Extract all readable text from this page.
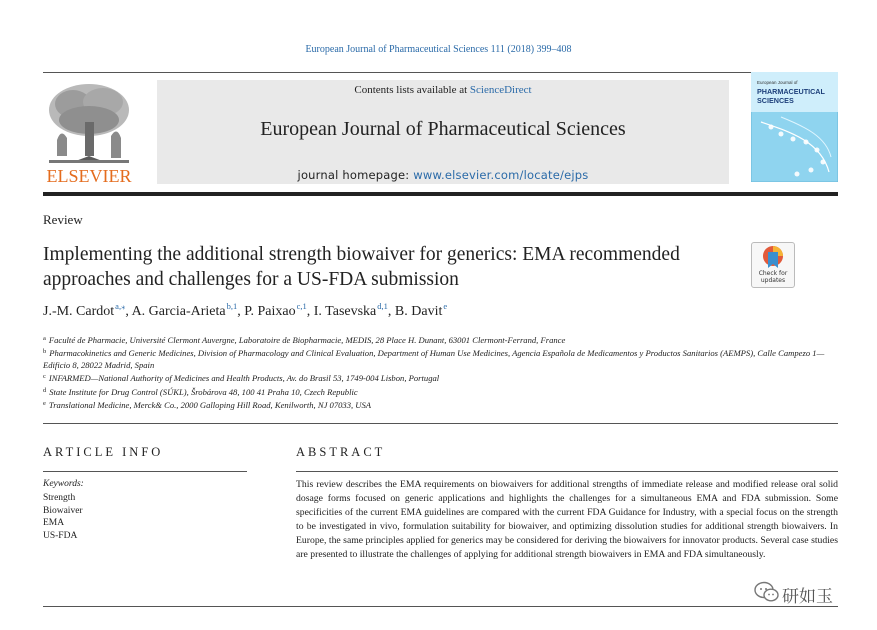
European Journal of Pharmaceutical Sciences 111 (2018) 399–408
ELSEVIER
Contents lists available at ScienceDirect
European Journal of Pharmaceutical Sciences
journal homepage: www.elsevier.com/locate/ejps
European Journal of
PHARMACEUTICAL
SCIENCES
Review
Implementing the additional strength biowaiver for generics: EMA recommended approaches and challenges for a US-FDA submission	Check for
updates
J.-M. Cardot$^{a,⁎}$, A. Garcia-Arieta$^{b,1}$, P. Paixao$^{c,1}$, I. Tasevska$^{d,1}$, B. Davit$^e$
$^a$ Faculté de Pharmacie, Université Clermont Auvergne, Laboratoire de Biopharmacie, MEDIS, 28 Place H. Dunant, 63001 Clermont-Ferrand, France
$^b$ Pharmacokinetics and Generic Medicines, Division of Pharmacology and Clinical Evaluation, Department of Human Use Medicines, Agencia Española de Medicamentos y Productos Sanitarios (AEMPS), Calle Campezo 1—Edificio 8, 28022 Madrid, Spain
$^c$ INFARMED—National Authority of Medicines and Health Products, Av. do Brasil 53, 1749-004 Lisbon, Portugal
$^d$ State Institute for Drug Control (SÚKL), Šrobárova 48, 100 41 Praha 10, Czech Republic
$^e$ Translational Medicine, Merck& Co., 2000 Galloping Hill Road, Kenilworth, NJ 07033, USA
ARTICLE INFO	ABSTRACT
Keywords:
Strength
Biowaiver
EMA
US-FDA
This review describes the EMA requirements on biowaivers for additional strengths of immediate release and modified release oral solid dosage forms focused on generic applications and highlights the challenges for a simultaneous EMA and FDA submission. Some specificities of the current EMA guidelines are compared with the current FDA Guidance for Industry, with a special focus on the strength to be investigated in vivo, formulation suitability for biowaiver, and optimizing dissolution studies for additional strength biowaivers. In Europe, the same principles applied for generics may be considered for deriving the biowaivers for innovator products. Several case studies are presented to illustrate the challenges of applying for additional strength biowaivers in EMA and FDA simultaneously.
研如玉
